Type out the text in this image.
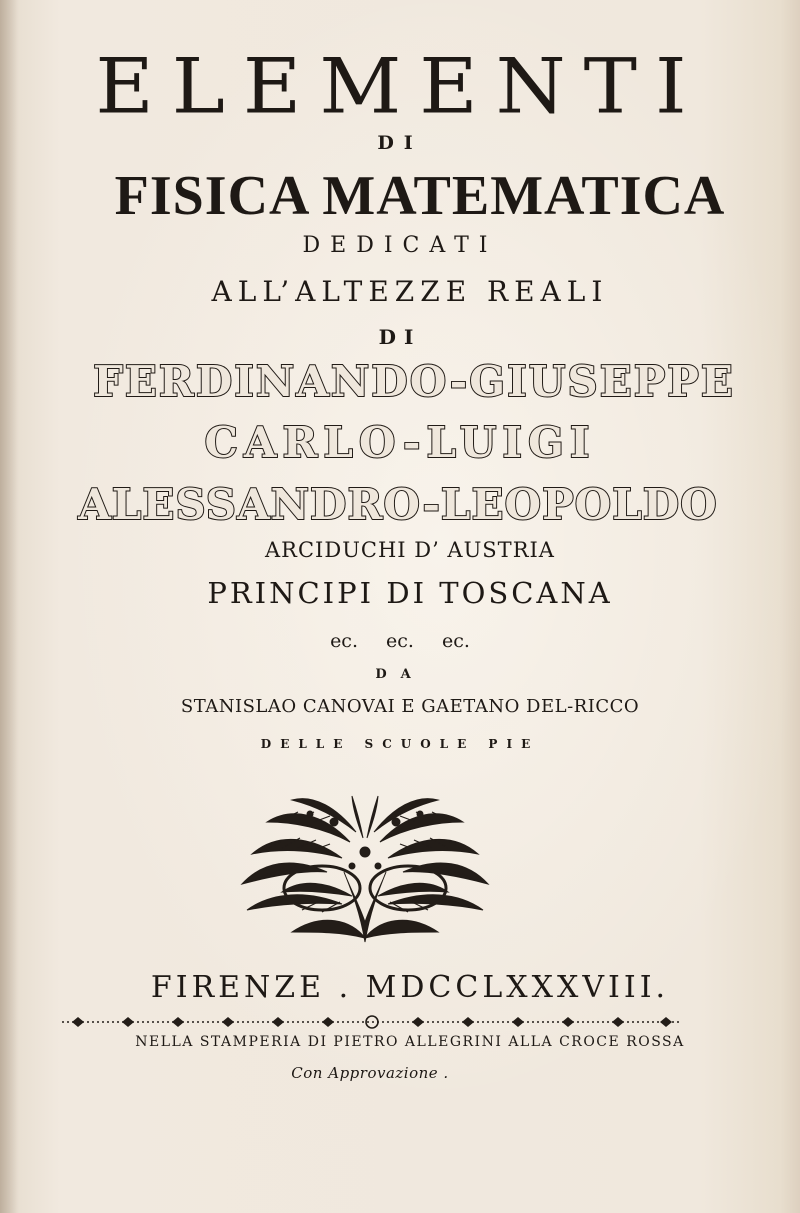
ELEMENTI
DI
FISICA MATEMATICA
DEDICATI
ALL’ALTEZZE REALI
DI
FERDINANDO-GIUSEPPE
CARLO-LUIGI
ALESSANDRO-LEOPOLDO
ARCIDUCHI D’ AUSTRIA
PRINCIPI DI TOSCANA
ec. ec. ec.
DA
STANISLAO CANOVAI E GAETANO DEL-RICCO
DELLE SCUOLE PIE
FIRENZE . MDCCLXXXVIII.
NELLA STAMPERIA DI PIETRO ALLEGRINI ALLA CROCE ROSSA
Con Approvazione .
